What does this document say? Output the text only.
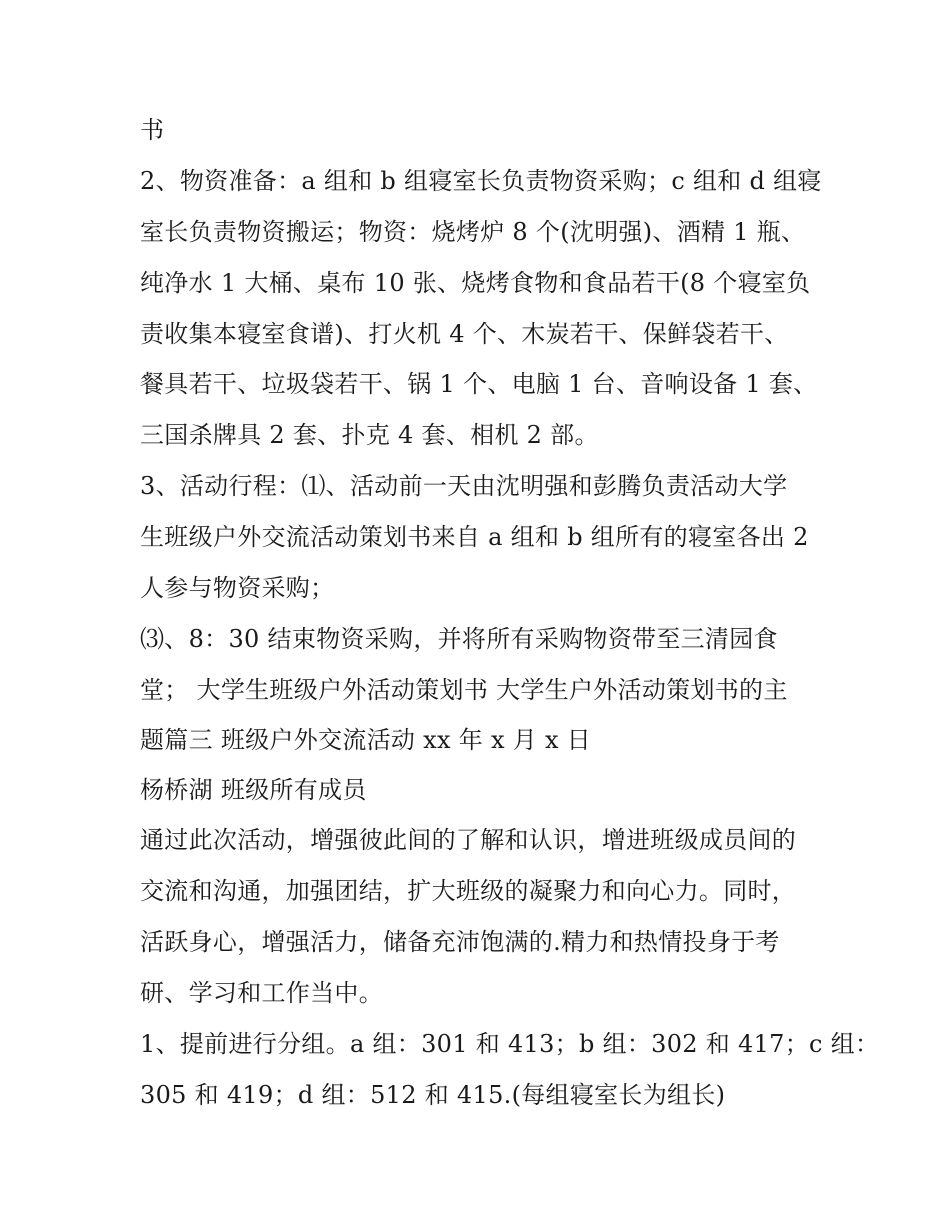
书
2、物资准备：a 组和 b 组寝室长负责物资采购；c 组和 d 组寝
室长负责物资搬运；物资：烧烤炉 8 个(沈明强)、酒精 1 瓶、
纯净水 1 大桶、桌布 10 张、烧烤食物和食品若干(8 个寝室负
责收集本寝室食谱)、打火机 4 个、木炭若干、保鲜袋若干、
餐具若干、垃圾袋若干、锅 1 个、电脑 1 台、音响设备 1 套、
三国杀牌具 2 套、扑克 4 套、相机 2 部。
3、活动行程：⑴、活动前一天由沈明强和彭腾负责活动大学
生班级户外交流活动策划书来自 a 组和 b 组所有的寝室各出 2
人参与物资采购；
⑶、8：30 结束物资采购，并将所有采购物资带至三清园食
堂； 大学生班级户外活动策划书 大学生户外活动策划书的主
题篇三 班级户外交流活动 xx 年 x 月 x 日
杨桥湖 班级所有成员
通过此次活动，增强彼此间的了解和认识，增进班级成员间的
交流和沟通，加强团结，扩大班级的凝聚力和向心力。同时，
活跃身心，增强活力，储备充沛饱满的.精力和热情投身于考
研、学习和工作当中。
1、提前进行分组。a 组：301 和 413；b 组：302 和 417；c 组：
305 和 419；d 组：512 和 415.(每组寝室长为组长)
